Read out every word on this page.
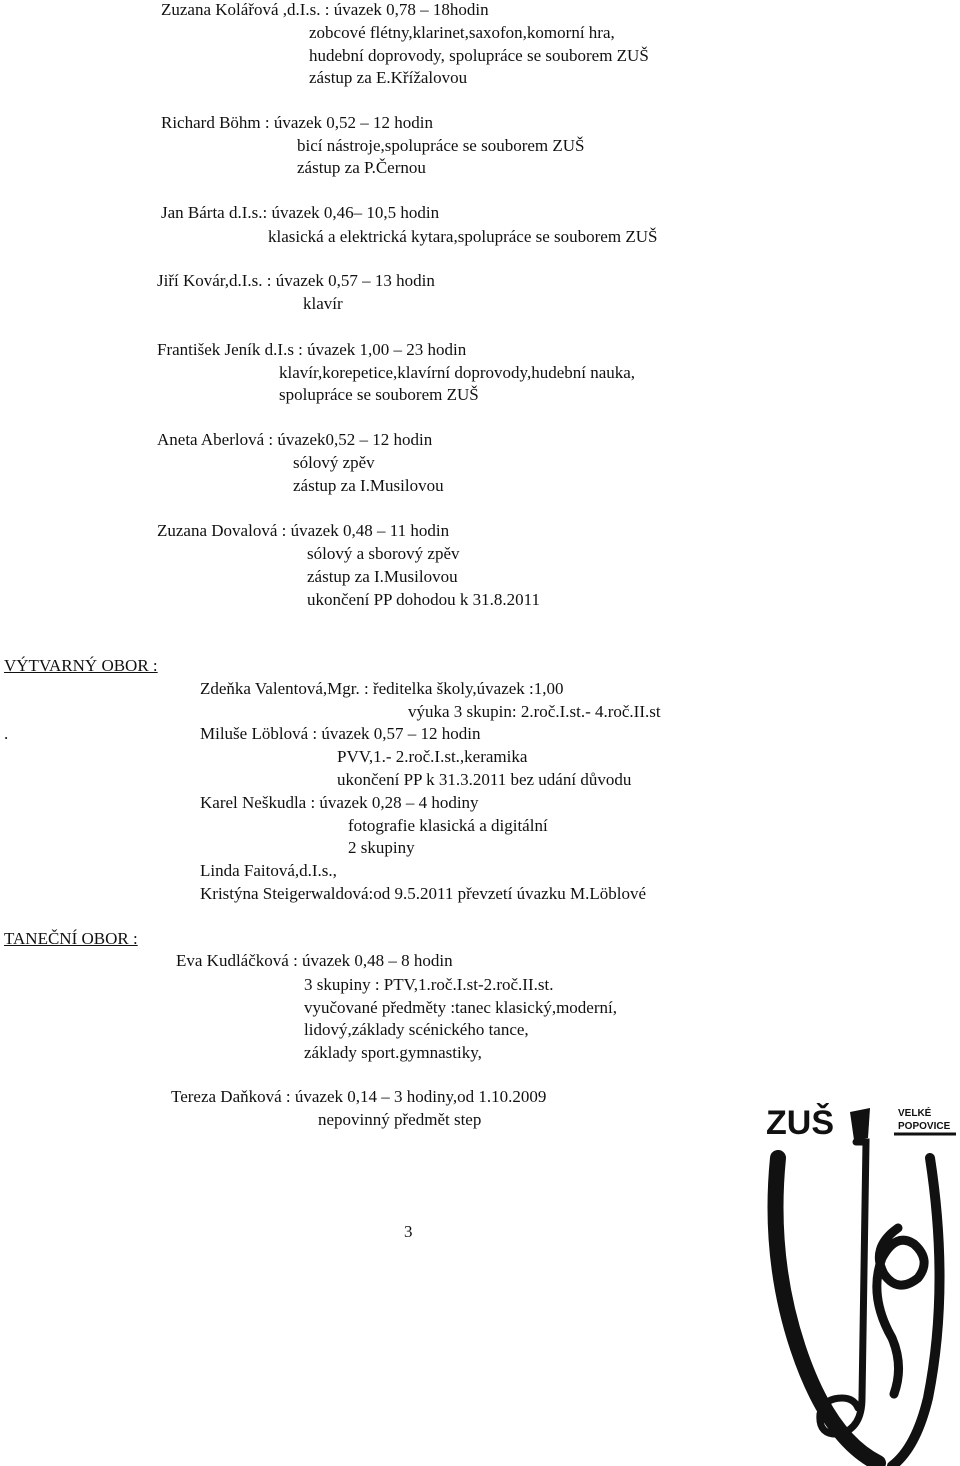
Zuzana Kolářová ,d.I.s. : úvazek 0,78 – 18hodin
zobcové flétny,klarinet,saxofon,komorní hra,
hudební doprovody, spolupráce se souborem ZUŠ
zástup za E.Křížalovou
Richard Böhm : úvazek 0,52 – 12 hodin
bicí nástroje,spolupráce se souborem ZUŠ
zástup za P.Černou
Jan Bárta d.I.s.: úvazek 0,46– 10,5 hodin
klasická a elektrická kytara,spolupráce se souborem ZUŠ
Jiří Kovár,d.I.s. : úvazek 0,57 – 13 hodin
klavír
František Jeník d.I.s : úvazek 1,00 – 23 hodin
klavír,korepetice,klavírní doprovody,hudební nauka,
spolupráce se souborem ZUŠ
Aneta Aberlová : úvazek0,52 – 12 hodin
sólový zpěv
zástup za I.Musilovou
Zuzana Dovalová : úvazek 0,48 – 11 hodin
sólový a sborový zpěv
zástup za I.Musilovou
ukončení PP dohodou k 31.8.2011
VÝTVARNÝ OBOR :
Zdeňka Valentová,Mgr. : ředitelka školy,úvazek :1,00
výuka 3 skupin: 2.roč.I.st.- 4.roč.II.st
.	Miluše Löblová : úvazek 0,57 – 12 hodin
PVV,1.- 2.roč.I.st.,keramika
ukončení PP k 31.3.2011 bez udání důvodu
Karel Neškudla : úvazek 0,28 – 4 hodiny
fotografie klasická a digitální
2 skupiny
Linda Faitová,d.I.s.,
Kristýna Steigerwaldová:od 9.5.2011 převzetí úvazku M.Löblové
TANEČNÍ OBOR :
Eva Kudláčková : úvazek 0,48 – 8 hodin
3 skupiny : PTV,1.roč.I.st-2.roč.II.st.
vyučované předměty :tanec klasický,moderní,
lidový,základy scénického tance,
základy sport.gymnastiky,
Tereza Daňková : úvazek 0,14 – 3 hodiny,od 1.10.2009
nepovinný předmět step
3
ZUŠ	VELKÉ
POPOVICE
